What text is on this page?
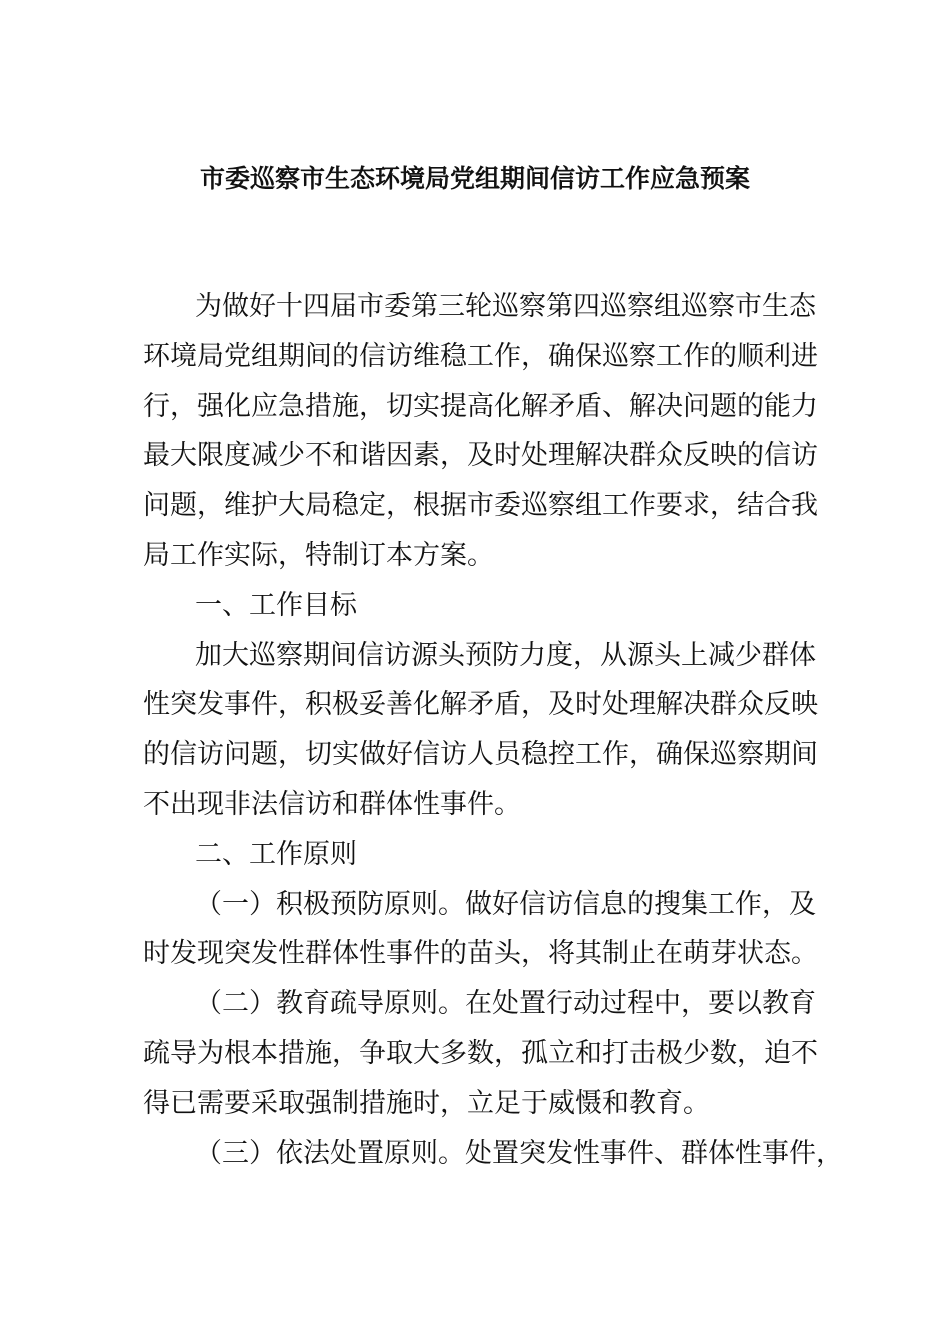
市委巡察市生态环境局党组期间信访工作应急预案
为做好十四届市委第三轮巡察第四巡察组巡察市生态
环境局党组期间的信访维稳工作，确保巡察工作的顺利进
行，强化应急措施，切实提高化解矛盾、解决问题的能力
最大限度减少不和谐因素，及时处理解决群众反映的信访
问题，维护大局稳定，根据市委巡察组工作要求，结合我
局工作实际，特制订本方案。
一、工作目标
加大巡察期间信访源头预防力度，从源头上减少群体
性突发事件，积极妥善化解矛盾，及时处理解决群众反映
的信访问题，切实做好信访人员稳控工作，确保巡察期间
不出现非法信访和群体性事件。
二、工作原则
（一）积极预防原则。做好信访信息的搜集工作，及
时发现突发性群体性事件的苗头，将其制止在萌芽状态。
（二）教育疏导原则。在处置行动过程中，要以教育
疏导为根本措施，争取大多数，孤立和打击极少数，迫不
得已需要采取强制措施时，立足于威慑和教育。
（三）依法处置原则。处置突发性事件、群体性事件，
